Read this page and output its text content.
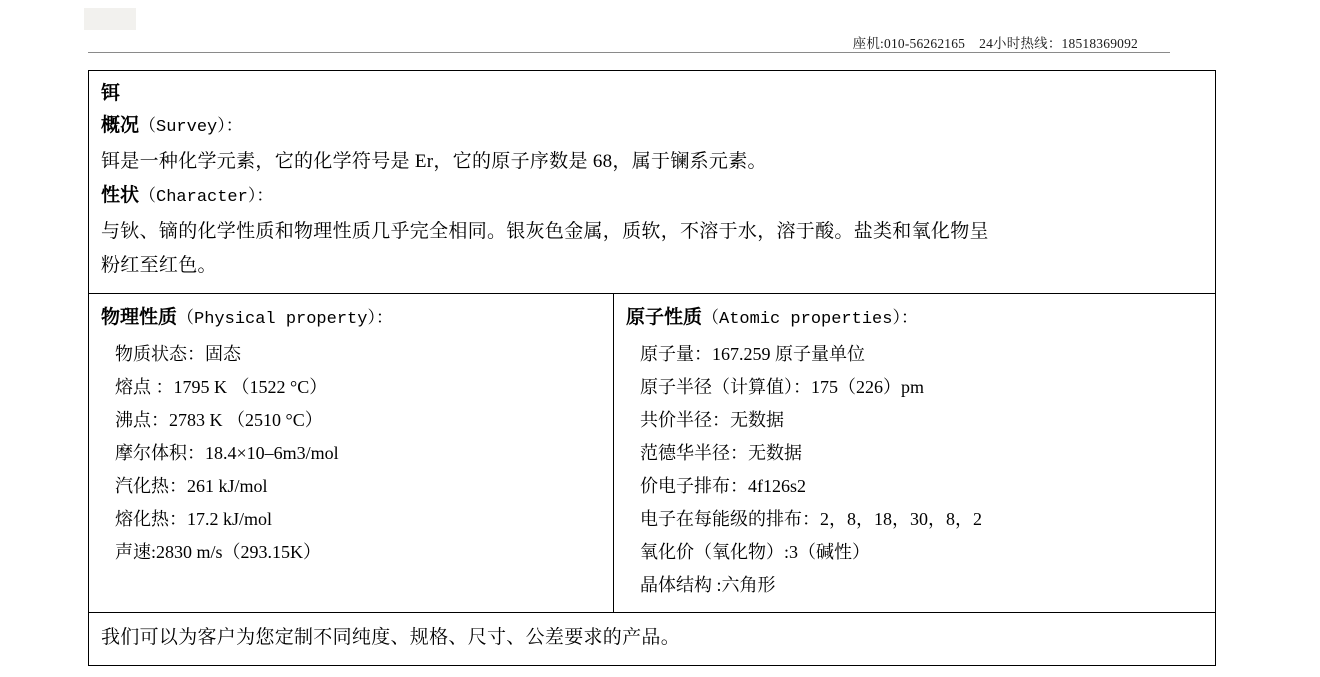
座机:010-56262165 24小时热线：18518369092

铒

概况（Survey）：

铒是一种化学元素，它的化学符号是 Er，它的原子序数是 68，属于镧系元素。

性状（Character）：

与钬、镝的化学性质和物理性质几乎完全相同。银灰色金属，质软，不溶于水，溶于酸。盐类和氧化物呈

粉红至红色。

物理性质（Physical property）：

物质状态：固态

熔点 ：1795 K （1522 °C）

沸点：2783 K （2510 °C）

摩尔体积：18.4×10–6m3/mol

汽化热：261 kJ/mol

熔化热：17.2 kJ/mol

声速:2830 m/s（293.15K）

原子性质（Atomic properties）：

原子量：167.259 原子量单位

原子半径（计算值）：175（226）pm

共价半径：无数据

范德华半径：无数据

价电子排布：4f126s2

电子在每能级的排布：2，8，18，30，8，2

氧化价（氧化物）:3（碱性）

晶体结构 :六角形

我们可以为客户为您定制不同纯度、规格、尺寸、公差要求的产品。
